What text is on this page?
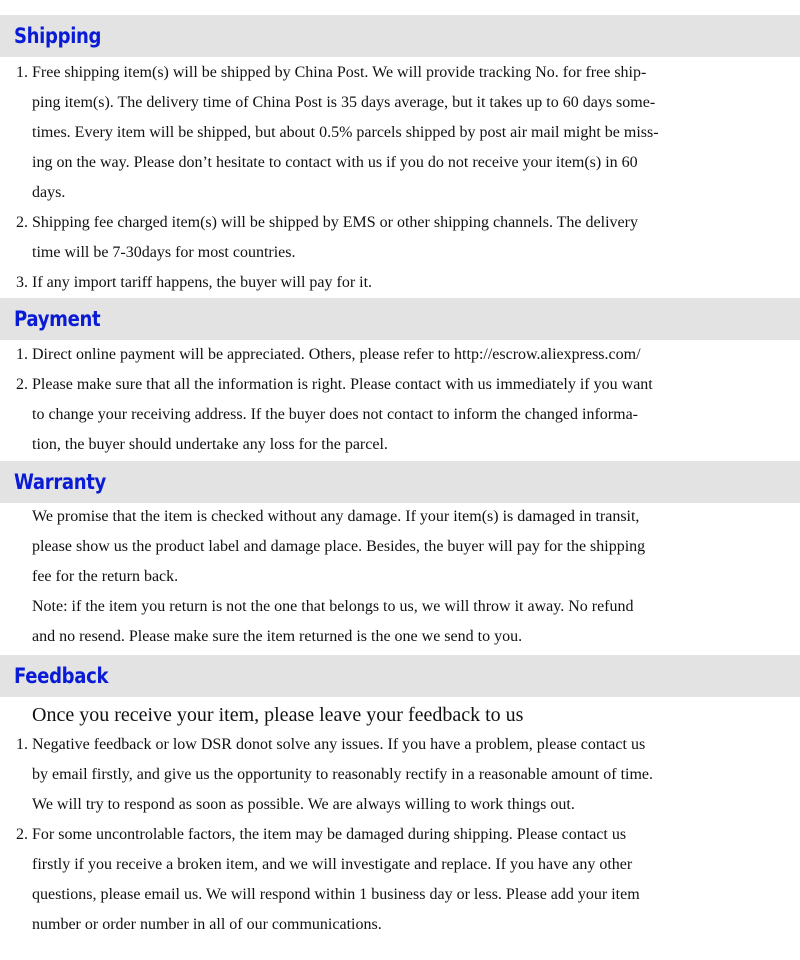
Shipping
1. Free shipping item(s) will be shipped by China Post. We will provide tracking No. for free ship-
ping item(s). The delivery time of China Post is 35 days average, but it takes up to 60 days some-
times. Every item will be shipped, but about 0.5% parcels shipped by post air mail might be miss-
ing on the way. Please don’t hesitate to contact with us if you do not receive your item(s) in 60
days.
2. Shipping fee charged item(s) will be shipped by EMS or other shipping channels. The delivery
time will be 7-30days for most countries.
3. If any import tariff happens, the buyer will pay for it.
Payment
1. Direct online payment will be appreciated. Others, please refer to http://escrow.aliexpress.com/
2. Please make sure that all the information is right. Please contact with us immediately if you want
to change your receiving address. If the buyer does not contact to inform the changed informa-
tion, the buyer should undertake any loss for the parcel.
Warranty
We promise that the item is checked without any damage. If your item(s) is damaged in transit,
please show us the product label and damage place. Besides, the buyer will pay for the shipping
fee for the return back.
Note: if the item you return is not the one that belongs to us, we will throw it away. No refund
and no resend. Please make sure the item returned is the one we send to you.
Feedback
Once you receive your item, please leave your feedback to us
1. Negative feedback or low DSR donot solve any issues. If you have a problem, please contact us
by email firstly, and give us the opportunity to reasonably rectify in a reasonable amount of time.
We will try to respond as soon as possible. We are always willing to work things out.
2. For some uncontrolable factors, the item may be damaged during shipping. Please contact us
firstly if you receive a broken item, and we will investigate and replace. If you have any other
questions, please email us. We will respond within 1 business day or less. Please add your item
number or order number in all of our communications.
